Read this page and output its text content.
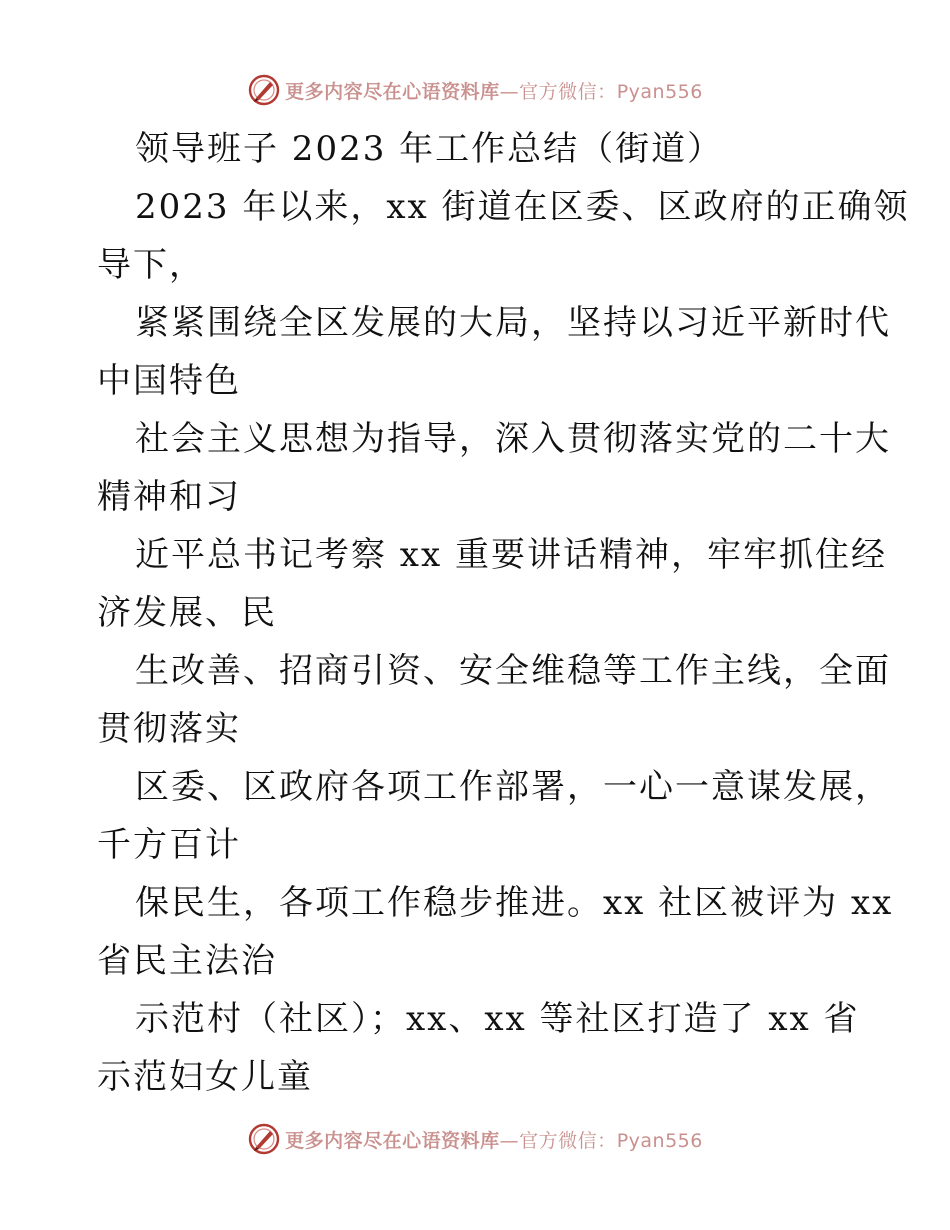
更多内容尽在心语资料库—官方微信：Pyan556
领导班子 2023 年工作总结（街道）
2023 年以来，xx 街道在区委、区政府的正确领
导下，
紧紧围绕全区发展的大局，坚持以习近平新时代
中国特色
社会主义思想为指导，深入贯彻落实党的二十大
精神和习
近平总书记考察 xx 重要讲话精神，牢牢抓住经
济发展、民
生改善、招商引资、安全维稳等工作主线，全面
贯彻落实
区委、区政府各项工作部署，一心一意谋发展，
千方百计
保民生，各项工作稳步推进。xx 社区被评为 xx
省民主法治
示范村（社区）；xx、xx 等社区打造了 xx 省
示范妇女儿童
更多内容尽在心语资料库—官方微信：Pyan556
